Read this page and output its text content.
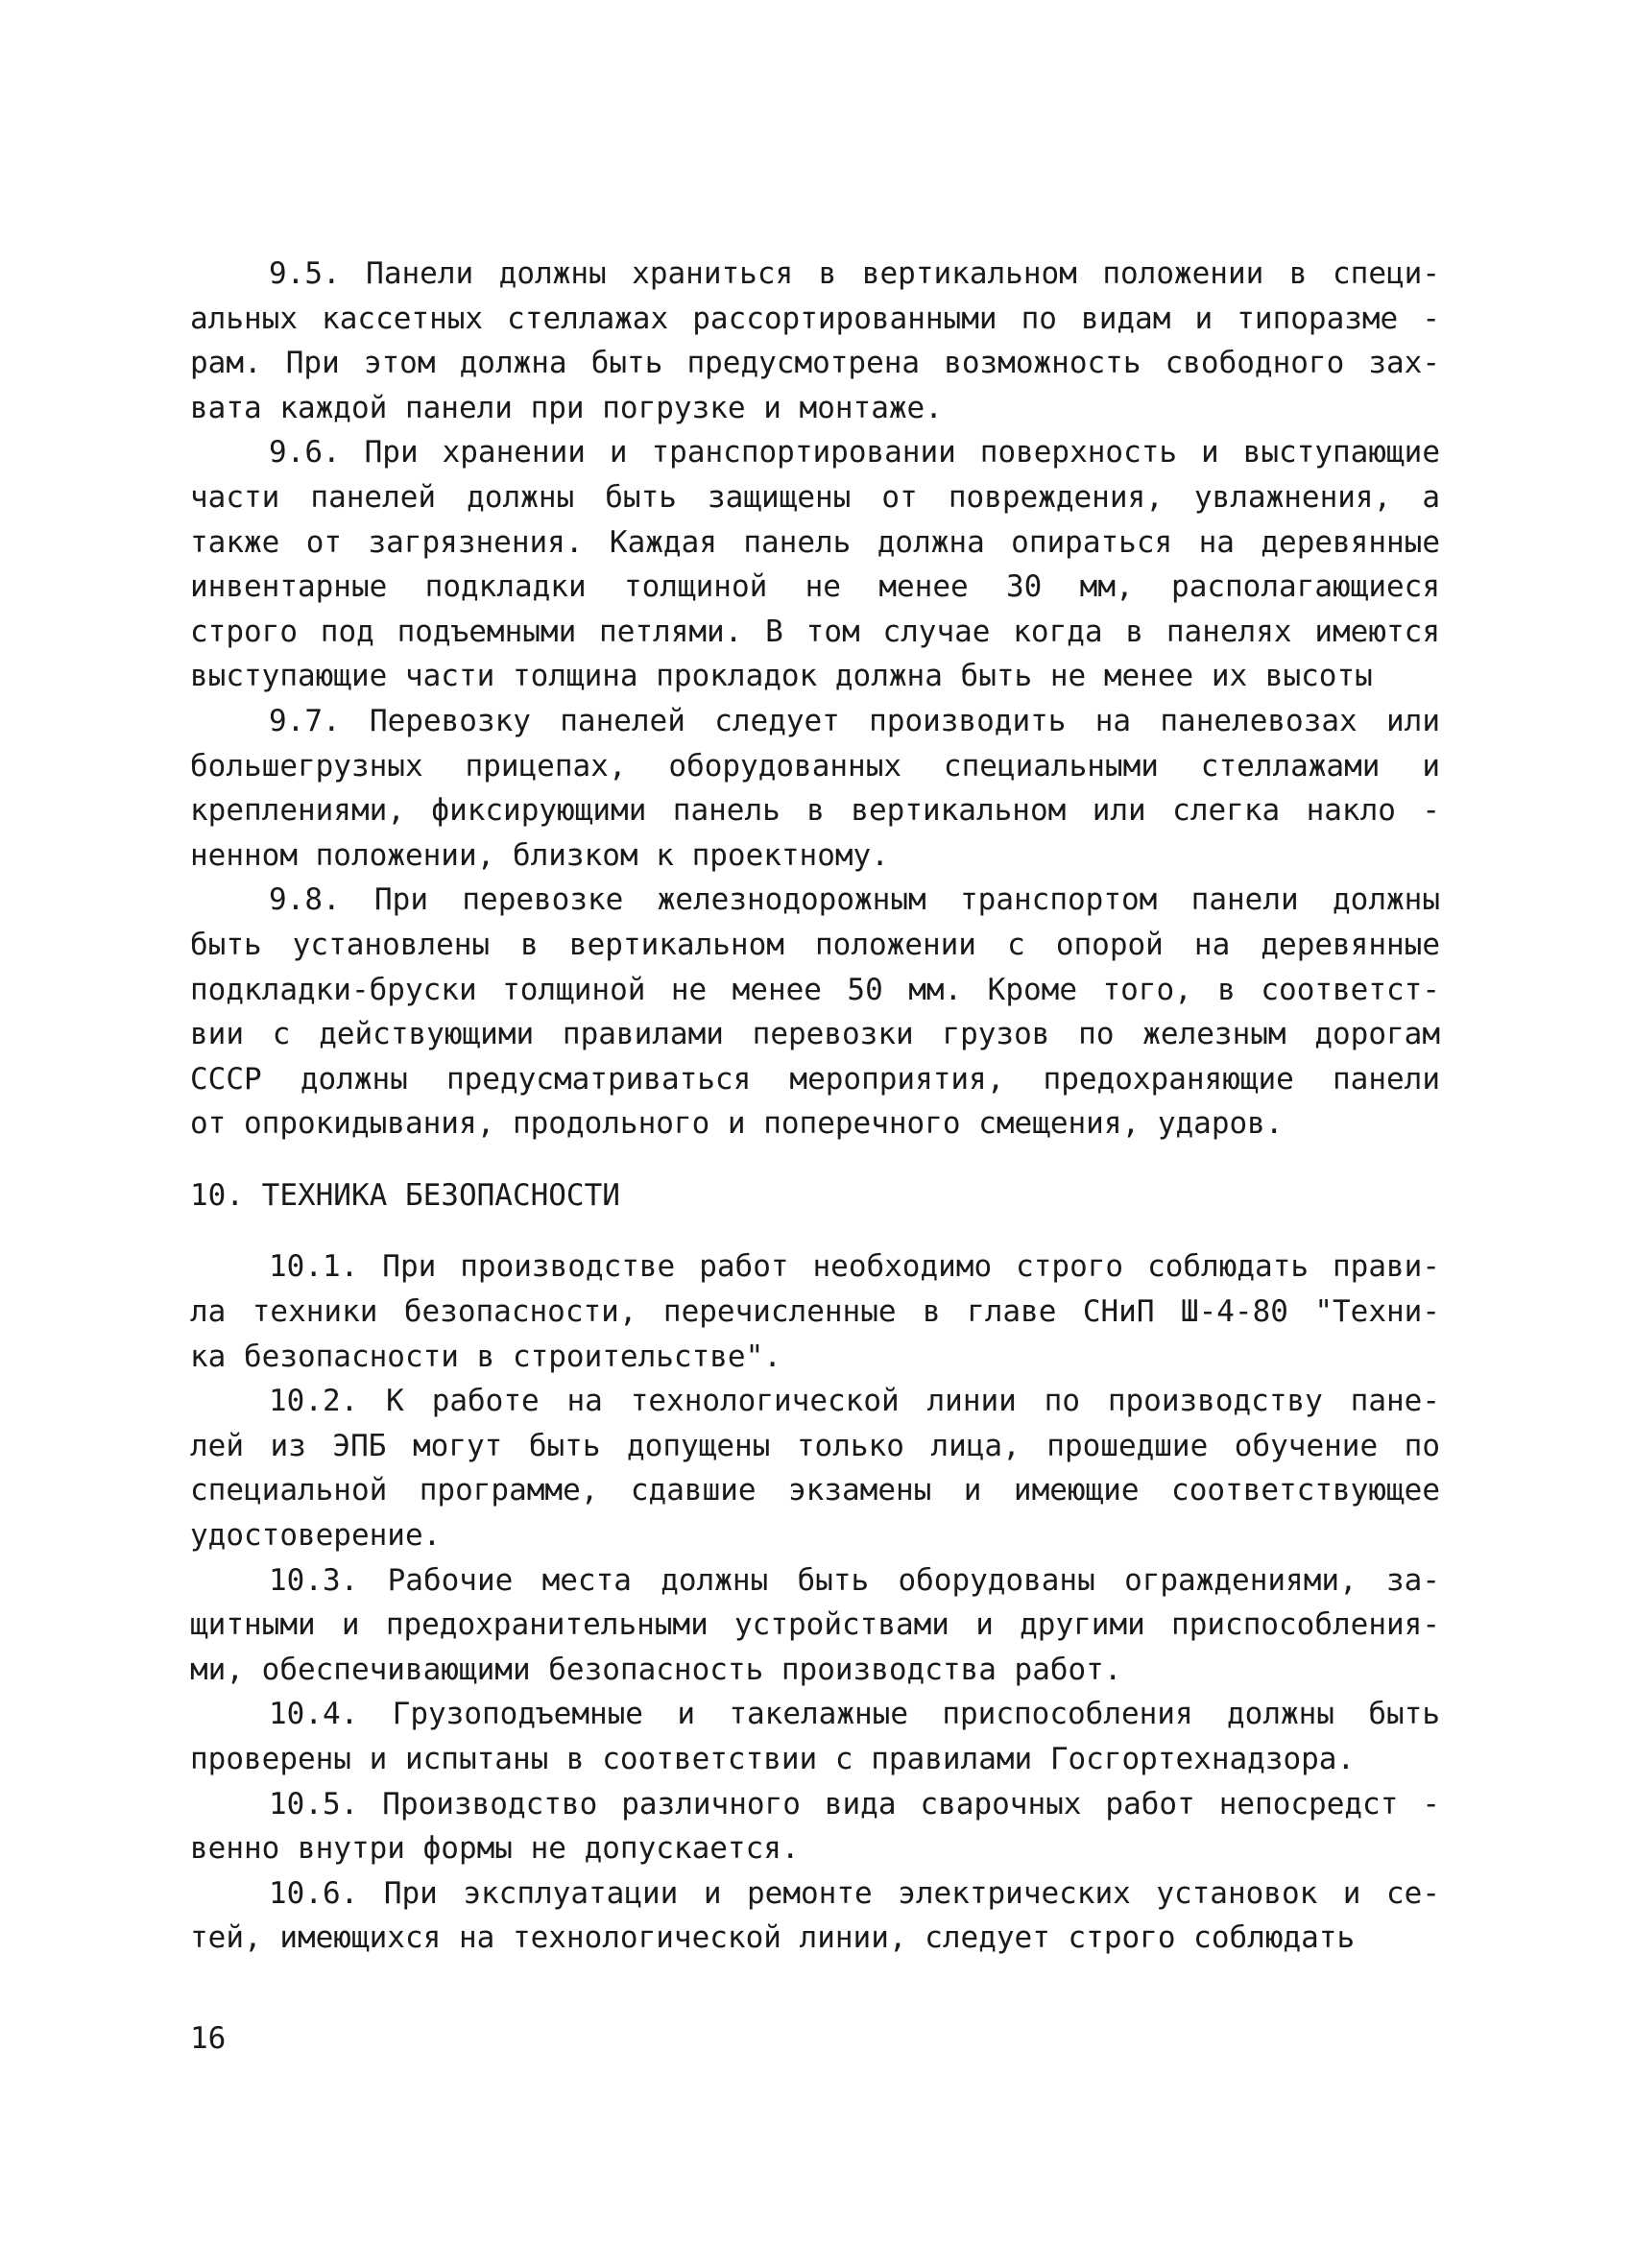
9.5. Панели должны храниться в вертикальном положении в специ-
альных кассетных стеллажах рассортированными по видам и типоразме -
рам. При этом должна быть предусмотрена возможность свободного зах-
вата каждой панели при погрузке и монтаже.
9.6. При хранении и транспортировании поверхность и выступающие
части панелей должны быть защищены от повреждения, увлажнения, а
также от загрязнения. Каждая панель должна опираться на деревянные
инвентарные подкладки толщиной не менее 30 мм, располагающиеся
строго под подъемными петлями. В том случае когда в панелях имеются
выступающие части толщина прокладок должна быть не менее их высоты
9.7. Перевозку панелей следует производить на панелевозах или
большегрузных прицепах, оборудованных специальными стеллажами и
креплениями, фиксирующими панель в вертикальном или слегка накло -
ненном положении, близком к проектному.
9.8. При перевозке железнодорожным транспортом панели должны
быть установлены в вертикальном положении с опорой на деревянные
подкладки-бруски толщиной не менее 50 мм. Кроме того, в соответст-
вии с действующими правилами перевозки грузов по железным дорогам
СССР должны предусматриваться мероприятия, предохраняющие панели
от опрокидывания, продольного и поперечного смещения, ударов.
10. ТЕХНИКА БЕЗОПАСНОСТИ
10.1. При производстве работ необходимо строго соблюдать прави-
ла техники безопасности, перечисленные в главе СНиП Ш-4-80 "Техни-
ка безопасности в строительстве".
10.2. К работе на технологической линии по производству пане-
лей из ЭПБ могут быть допущены только лица, прошедшие обучение по
специальной программе, сдавшие экзамены и имеющие соответствующее
удостоверение.
10.3. Рабочие места должны быть оборудованы ограждениями, за-
щитными и предохранительными устройствами и другими приспособления-
ми, обеспечивающими безопасность производства работ.
10.4. Грузоподъемные и такелажные приспособления должны быть
проверены и испытаны в соответствии с правилами Госгортехнадзора.
10.5. Производство различного вида сварочных работ непосредст -
венно внутри формы не допускается.
10.6. При эксплуатации и ремонте электрических установок и се-
тей, имеющихся на технологической линии, следует строго соблюдать
16
